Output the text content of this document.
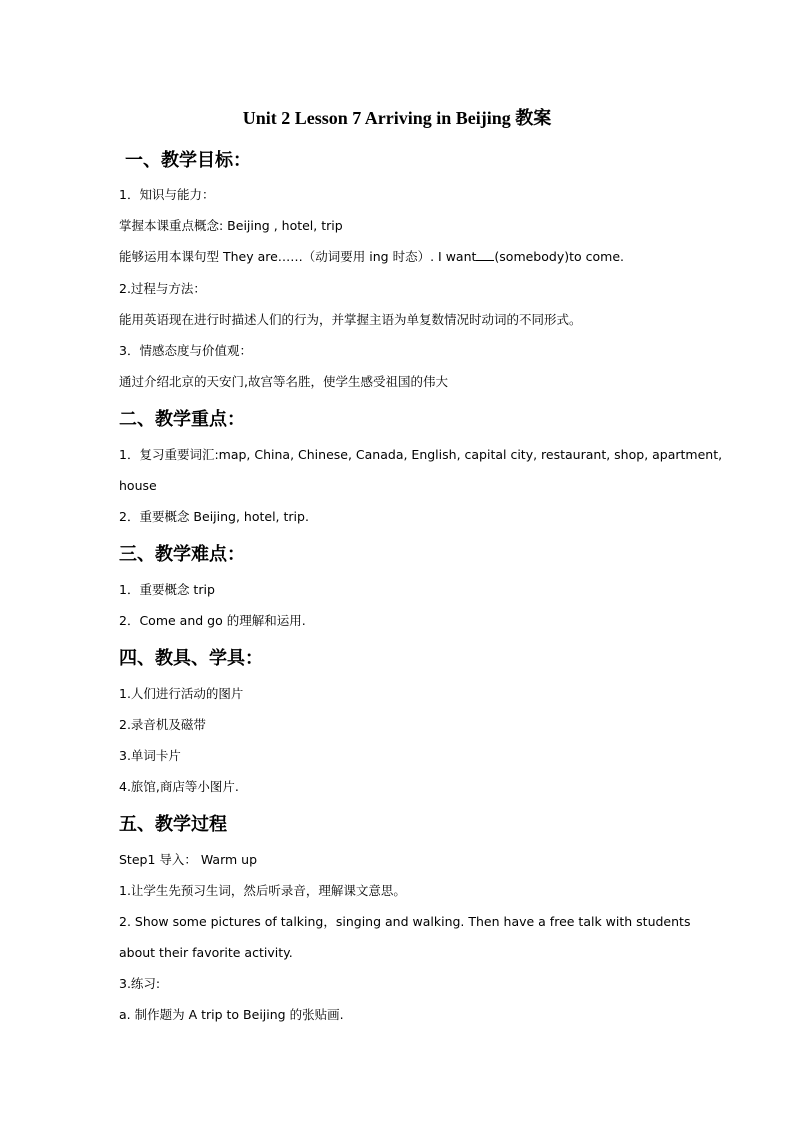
Unit 2 Lesson 7 Arriving in Beijing 教案
一、教学目标：
1．知识与能力：
掌握本课重点概念: Beijing , hotel, trip
能够运用本课句型 They are……（动词要用 ing 时态）. I want (somebody)to come.
2.过程与方法：
能用英语现在进行时描述人们的行为，并掌握主语为单复数情况时动词的不同形式。
3．情感态度与价值观：
通过介绍北京的天安门,故宫等名胜，使学生感受祖国的伟大
二、教学重点：
1．复习重要词汇:map, China, Chinese, Canada, English, capital city, restaurant, shop, apartment,
house
2．重要概念 Beijing, hotel, trip.
三、教学难点：
1．重要概念 trip
2．Come and go 的理解和运用.
四、教具、学具：
1.人们进行活动的图片
2.录音机及磁带
3.单词卡片
4.旅馆,商店等小图片.
五、教学过程
Step1 导入： Warm up
1.让学生先预习生词，然后听录音，理解课文意思。
2. Show some pictures of talking，singing and walking. Then have a free talk with students
about their favorite activity.
3.练习:
a. 制作题为 A trip to Beijing 的张贴画.
